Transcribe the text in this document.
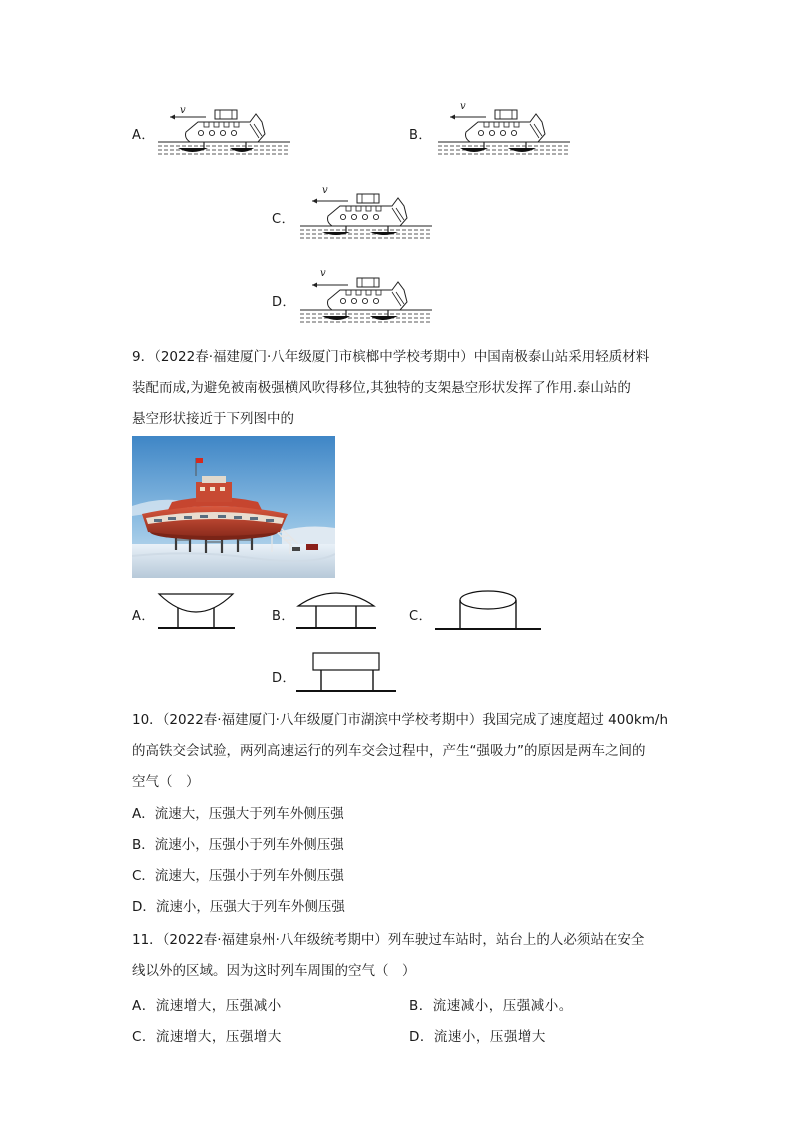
A．
v
B．
v
C．
v
D．
v
9．（2022春·福建厦门·八年级厦门市槟榔中学校考期中）中国南极泰山站采用轻质材料
装配而成,为避免被南极强横风吹得移位,其独特的支架悬空形状发挥了作用.泰山站的
悬空形状接近于下列图中的
A．	B．	C．
D．
10．（2022春·福建厦门·八年级厦门市湖滨中学校考期中）我国完成了速度超过 400km/h
的高铁交会试验，两列高速运行的列车交会过程中，产生“强吸力”的原因是两车之间的
空气（　）
A．流速大，压强大于列车外侧压强
B．流速小，压强小于列车外侧压强
C．流速大，压强小于列车外侧压强
D．流速小，压强大于列车外侧压强
11．（2022春·福建泉州·八年级统考期中）列车驶过车站时，站台上的人必须站在安全
线以外的区域。因为这时列车周围的空气（　）
A．流速增大，压强减小	B．流速减小，压强减小。
C．流速增大，压强增大	D．流速小，压强增大
